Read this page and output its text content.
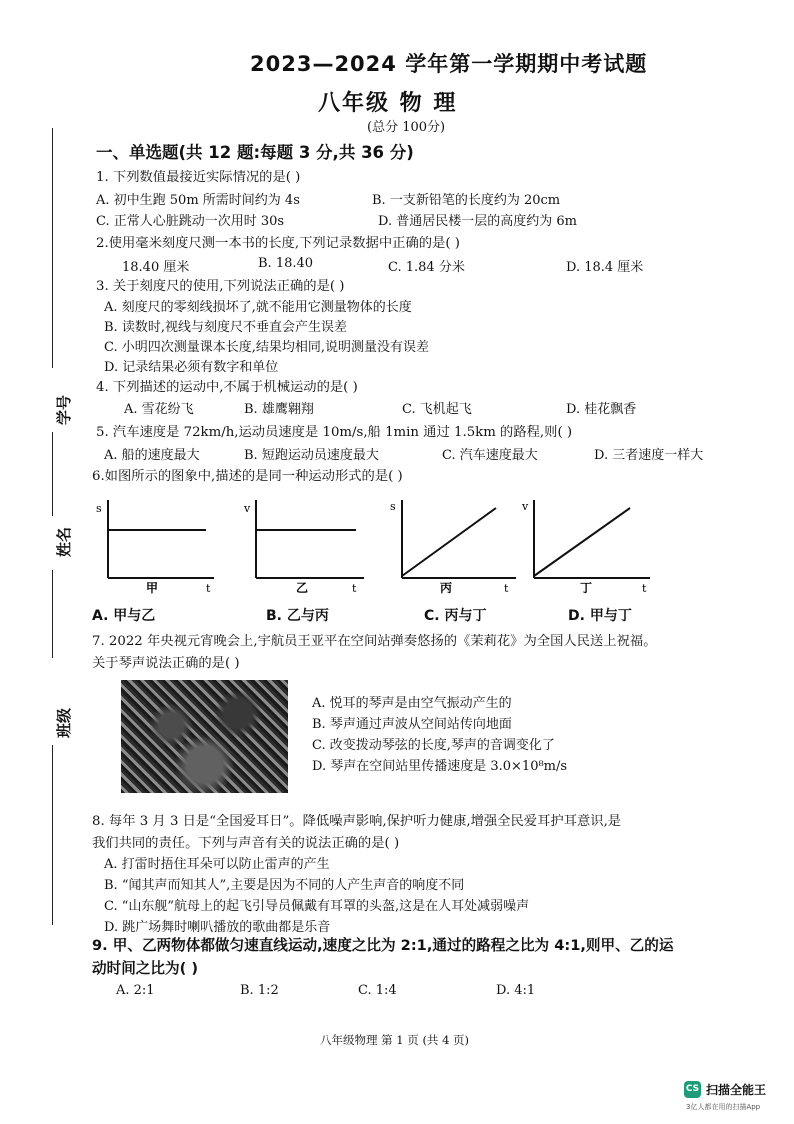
2023—2024 学年第一学期期中考试题
八年级 物 理
(总分 100分)
学号
姓名
班级
一、单选题(共 12 题:每题 3 分,共 36 分)
1. 下列数值最接近实际情况的是( )
A. 初中生跑 50m 所需时间约为 4s	B. 一支新铅笔的长度约为 20cm
C. 正常人心脏跳动一次用时 30s	D. 普通居民楼一层的高度约为 6m
2.使用毫米刻度尺测一本书的长度,下列记录数据中正确的是( )
18.40 厘米	B. 18.40	C. 1.84 分米	D. 18.4 厘米
3. 关于刻度尺的使用,下列说法正确的是( )
A. 刻度尺的零刻线损坏了,就不能用它测量物体的长度
B. 读数时,视线与刻度尺不垂直会产生误差
C. 小明四次测量课本长度,结果均相同,说明测量没有误差
D. 记录结果必须有数字和单位
4. 下列描述的运动中,不属于机械运动的是( )
A. 雪花纷飞	B. 雄鹰翱翔	C. 飞机起飞	D. 桂花飘香
5. 汽车速度是 72km/h,运动员速度是 10m/s,船 1min 通过 1.5km 的路程,则( )
A. 船的速度最大	B. 短跑运动员速度最大	C. 汽车速度最大	D. 三者速度一样大
6.如图所示的图象中,描述的是同一种运动形式的是( )
s
t
甲
v
t
乙
s
t
丙
v
t
丁
A. 甲与乙	B. 乙与丙	C. 丙与丁	D. 甲与丁
7. 2022 年央视元宵晚会上,宇航员王亚平在空间站弹奏悠扬的《茉莉花》为全国人民送上祝福。
关于琴声说法正确的是( )
A. 悦耳的琴声是由空气振动产生的
B. 琴声通过声波从空间站传向地面
C. 改变拨动琴弦的长度,琴声的音调变化了
D. 琴声在空间站里传播速度是 3.0×10⁸m/s
8. 每年 3 月 3 日是“全国爱耳日”。降低噪声影响,保护听力健康,增强全民爱耳护耳意识,是
我们共同的责任。下列与声音有关的说法正确的是( )
A. 打雷时捂住耳朵可以防止雷声的产生
B. “闻其声而知其人”,主要是因为不同的人产生声音的响度不同
C. “山东舰”航母上的起飞引导员佩戴有耳罩的头盔,这是在人耳处减弱噪声
D. 跳广场舞时喇叭播放的歌曲都是乐音
9. 甲、乙两物体都做匀速直线运动,速度之比为 2:1,通过的路程之比为 4:1,则甲、乙的运
动时间之比为( )
A. 2:1	B. 1:2	C. 1:4	D. 4:1
八年级物理 第 1 页 (共 4 页)
CS 扫描全能王
3亿人都在用的扫描App
